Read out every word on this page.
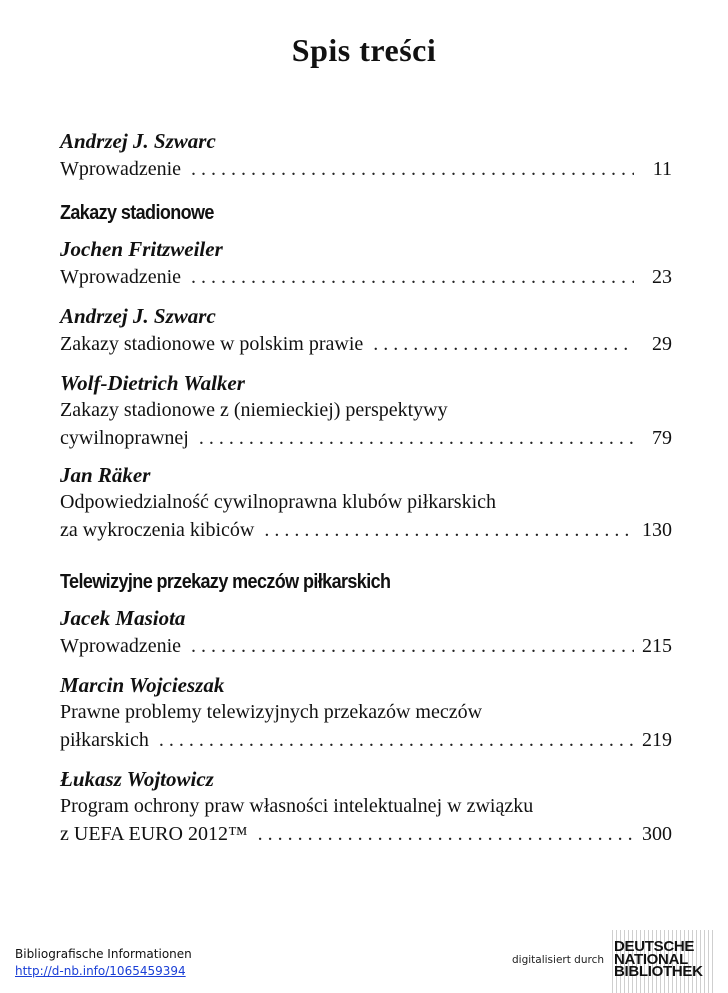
Spis treści
Andrzej J. Szwarc
Wprowadzenie . . .	11
Zakazy stadionowe
Jochen Fritzweiler
Wprowadzenie . . .	23
Andrzej J. Szwarc
Zakazy stadionowe w polskim prawie . . .	29
Wolf-Dietrich Walker
Zakazy stadionowe z (niemieckiej) perspektywy
cywilnoprawnej . . .	79
Jan Räker
Odpowiedzialność cywilnoprawna klubów piłkarskich
za wykroczenia kibiców . . .	130
Telewizyjne przekazy meczów piłkarskich
Jacek Masiota
Wprowadzenie . . .	215
Marcin Wojcieszak
Prawne problemy telewizyjnych przekazów meczów
piłkarskich . . .	219
Łukasz Wojtowicz
Program ochrony praw własności intelektualnej w związku
z UEFA EURO 2012™ . . .	300
Bibliografische Informationen
http://d-nb.info/1065459394
digitalisiert durch
DEUTSCHE
NATIONAL
BIBLIOTHEK
